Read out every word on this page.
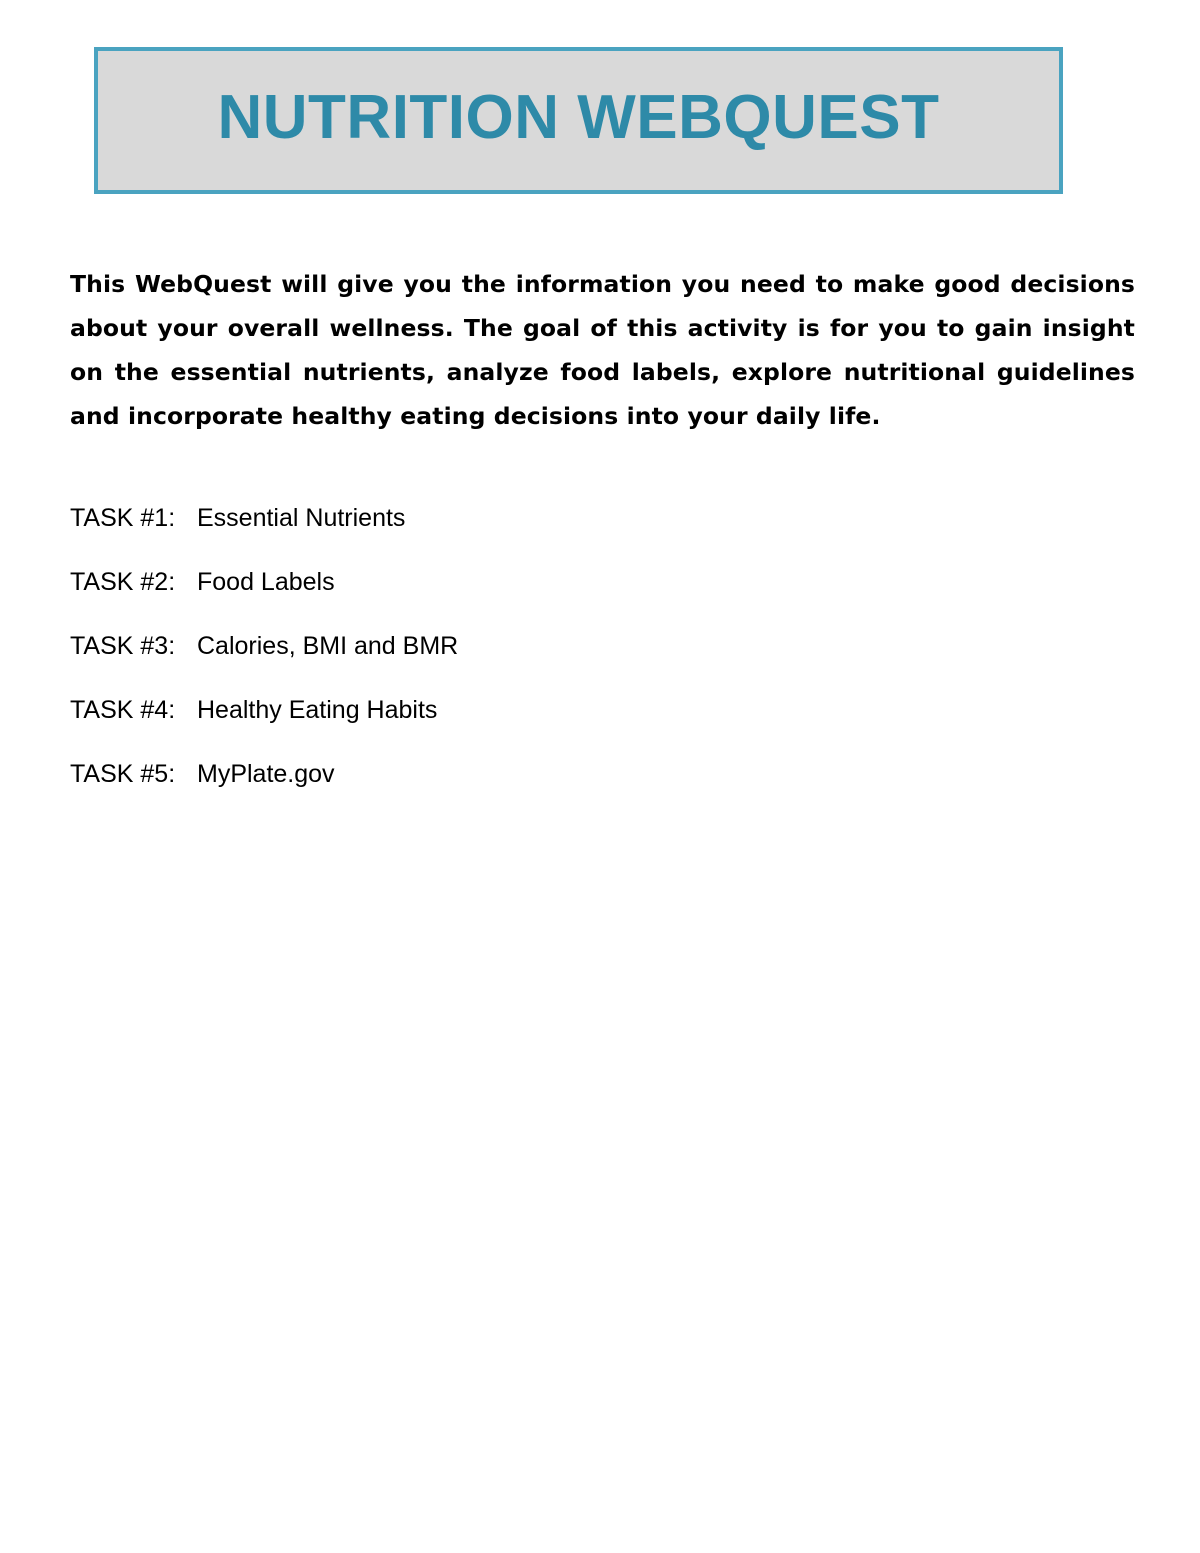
NUTRITION WEBQUEST

This WebQuest will give you the information you need to make good decisions about your overall wellness. The goal of this activity is for you to gain insight on the essential nutrients, analyze food labels, explore nutritional guidelines and incorporate healthy eating decisions into your daily life.

TASK #1: Essential Nutrients
TASK #2: Food Labels
TASK #3: Calories, BMI and BMR
TASK #4: Healthy Eating Habits
TASK #5: MyPlate.gov
